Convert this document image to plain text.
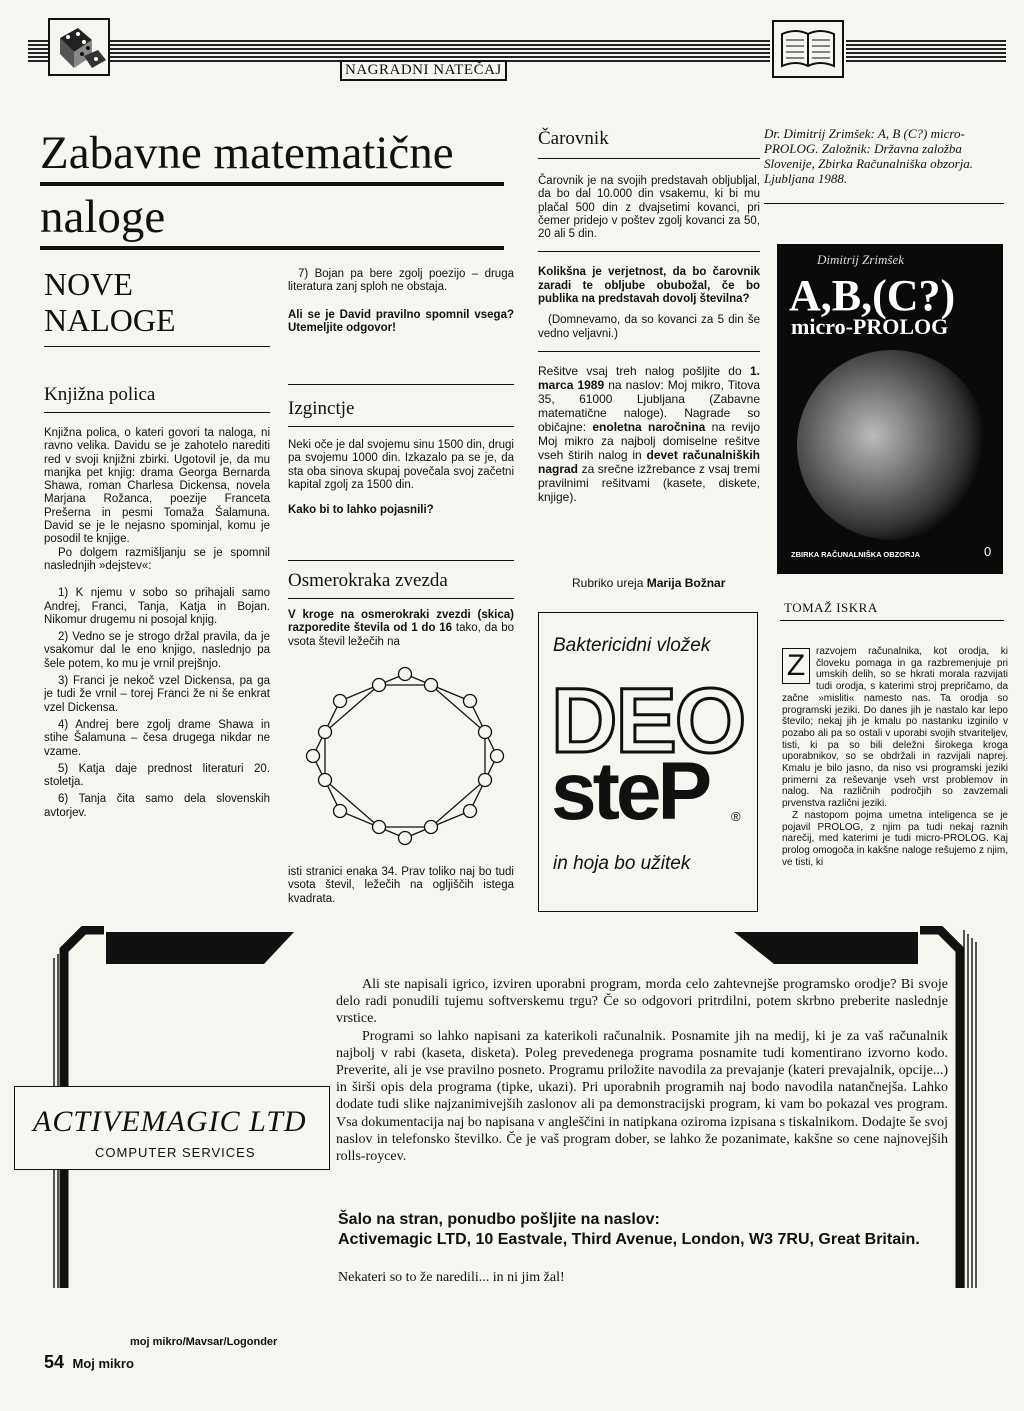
NAGRADNI NATEČAJ
Zabavne matematične
naloge
NOVE
NALOGE
Knjižna polica

Knjižna polica, o kateri govori ta naloga, ni ravno velika. Davidu se je zahotelo narediti red v svoji knjižni zbirki. Ugotovil je, da mu manjka pet knjig: drama Georga Bernarda Shawa, roman Charlesa Dickensa, novela Marjana Rožanca, poezije Franceta Prešerna in pesmi Tomaža Šalamuna. David se je le nejasno spominjal, komu je posodil te knjige.

Po dolgem razmišljanju se je spomnil naslednjih »dejstev«:

1) K njemu v sobo so prihajali samo Andrej, Franci, Tanja, Katja in Bojan. Nikomur drugemu ni posojal knjig.

2) Vedno se je strogo držal pravila, da je vsakomur dal le eno knjigo, naslednjo pa šele potem, ko mu je vrnil prejšnjo.

3) Franci je nekoč vzel Dickensa, pa ga je tudi že vrnil – torej Franci že ni še enkrat vzel Dickensa.

4) Andrej bere zgolj drame Shawa in stihe Šalamuna – česa drugega nikdar ne vzame.

5) Katja daje prednost literaturi 20. stoletja.

6) Tanja čita samo dela slovenskih avtorjev.

7) Bojan pa bere zgolj poezijo – druga literatura zanj sploh ne obstaja.

Ali se je David pravilno spomnil vsega? Utemeljite odgovor!

Izginctje

Neki oče je dal svojemu sinu 1500 din, drugi pa svojemu 1000 din. Izkazalo pa se je, da sta oba sinova skupaj povečala svoj začetni kapital zgolj za 1500 din.

Kako bi to lahko pojasnili?

Osmerokraka zvezda

V kroge na osmerokraki zvezdi (skica) razporedite števila od 1 do 16 tako, da bo vsota števil ležečih na

isti stranici enaka 34. Prav toliko naj bo tudi vsota števil, ležečih na ogljiščih istega kvadrata.

Čarovnik

Čarovnik je na svojih predstavah obljubljal, da bo dal 10.000 din vsakemu, ki bi mu plačal 500 din z dvajsetimi kovanci, pri čemer pridejo v poštev zgolj kovanci za 50, 20 ali 5 din.

Kolikšna je verjetnost, da bo čarovnik zaradi te obljube obubožal, če bo publika na predstavah dovolj številna?

(Domnevamo, da so kovanci za 5 din še vedno veljavni.)

Rešitve vsaj treh nalog pošljite do 1. marca 1989 na naslov: Moj mikro, Titova 35, 61000 Ljubljana (Zabavne matematične naloge). Nagrade so običajne: enoletna naročnina na revijo Moj mikro za najbolj domiselne rešitve vseh štirih nalog in devet računalniških nagrad za srečne izžrebance z vsaj tremi pravilnimi rešitvami (kasete, diskete, knjige).

Rubriko ureja Marija Božnar
Baktericidni vložek
DEO
steP ®
in hoja bo užitek

Dr. Dimitrij Zrimšek: A, B (C?) micro-PROLOG. Založnik: Državna založba Slovenije, Zbirka Računalniška obzorja. Ljubljana 1988.

Dimitrij Zrimšek
A,B,(C?)
micro-PROLOG
ZBIRKA RAČUNALNIŠKA OBZORJA	0
TOMAŽ ISKRA
Z	razvojem računalnika, kot orodja, ki človeku pomaga in ga razbremenjuje pri umskih delih, so se hkrati morala razvijati tudi orodja, s katerimi stroj prepričamo, da začne »misliti« namesto nas. Ta orodja so programski jeziki. Do danes jih je nastalo kar lepo število; nekaj jih je kmalu po nastanku izginilo v pozabo ali pa so ostali v uporabi svojih stvariteljev, tisti, ki pa so bili deležni širokega kroga uporabnikov, so se obdržali in razvijali naprej. Kmalu je bilo jasno, da niso vsi programski jeziki primerni za reševanje vseh vrst problemov in nalog. Na različnih področjih so zavzemali prvenstva različni jeziki.

Z nastopom pojma umetna inteligenca se je pojavil PROLOG, z njim pa tudi nekaj raznih narečij, med katerimi je tudi micro-PROLOG. Kaj prolog omogoča in kakšne naloge rešujemo z njim, ve tisti, ki

ACTIVEMAGIC LTD
COMPUTER SERVICES

Ali ste napisali igrico, izviren uporabni program, morda celo zahtevnejše programsko orodje? Bi svoje delo radi ponudili tujemu softverskemu trgu? Če so odgovori pritrdilni, potem skrbno preberite naslednje vrstice.

Programi so lahko napisani za katerikoli računalnik. Posnamite jih na medij, ki je za vaš računalnik najbolj v rabi (kaseta, disketa). Poleg prevedenega programa posnamite tudi komentirano izvorno kodo. Preverite, ali je vse pravilno posneto. Programu priložite navodila za prevajanje (kateri prevajalnik, opcije...) in širši opis dela programa (tipke, ukazi). Pri uporabnih programih naj bodo navodila natančnejša. Lahko dodate tudi slike najzanimivejših zaslonov ali pa demonstracijski program, ki vam bo pokazal ves program. Vsa dokumentacija naj bo napisana v angleščini in natipkana oziroma izpisana s tiskalnikom. Dodajte še svoj naslov in telefonsko številko. Če je vaš program dober, se lahko že pozanimate, kakšne so cene najnovejših rolls-roycev.

Šalo na stran, ponudbo pošljite na naslov:
Activemagic LTD, 10 Eastvale, Third Avenue, London, W3 7RU, Great Britain.
Nekateri so to že naredili... in ni jim žal!
moj mikro/Mavsar/Logonder
54 Moj mikro
